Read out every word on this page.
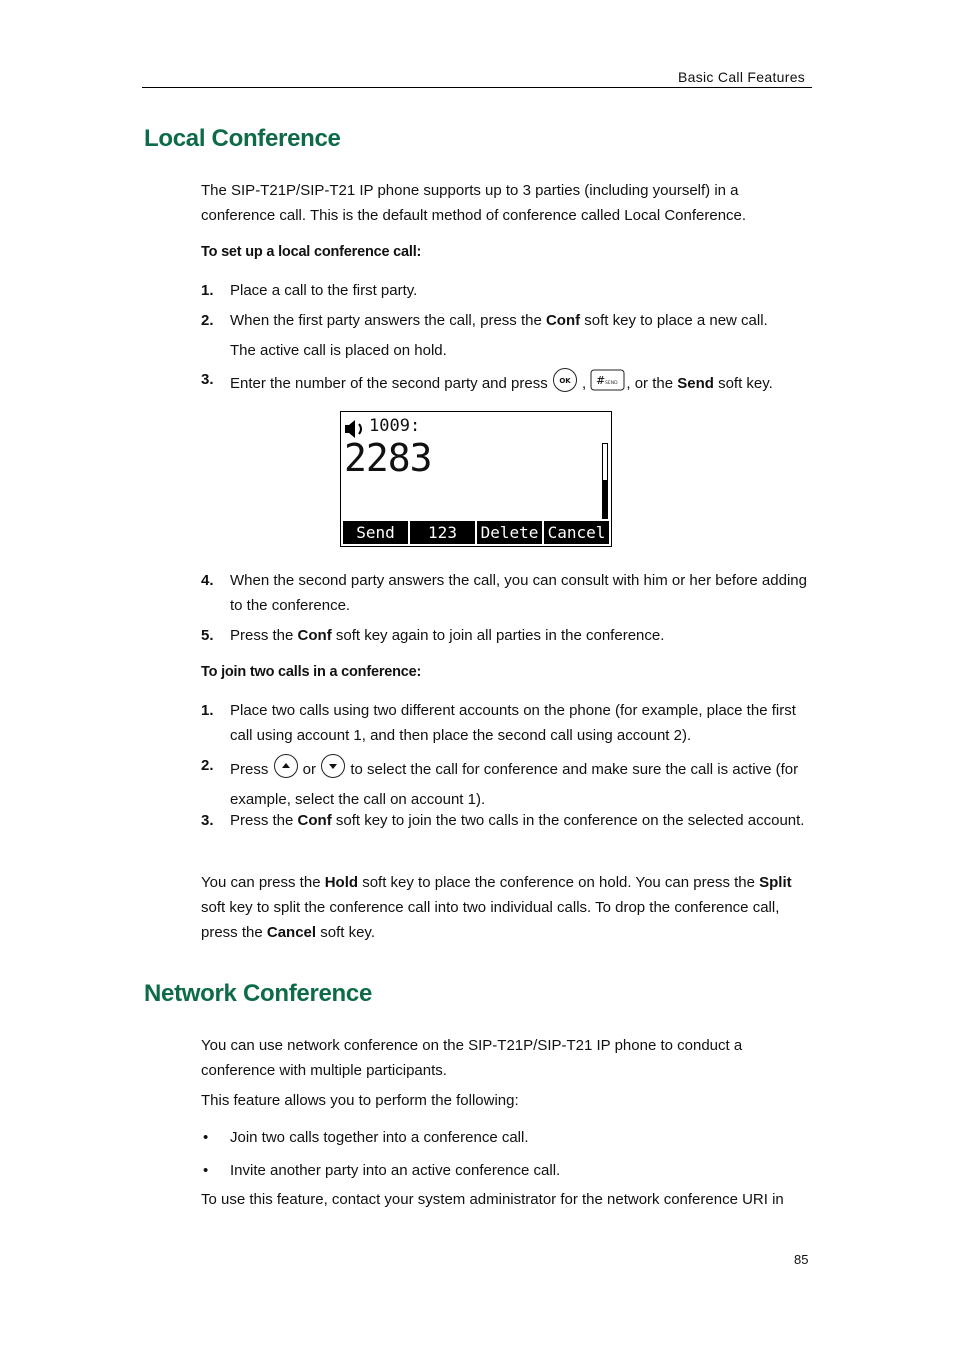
Basic Call Features
Local Conference
The SIP-T21P/SIP-T21 IP phone supports up to 3 parties (including yourself) in a conference call. This is the default method of conference called Local Conference.
To set up a local conference call:
1. Place a call to the first party.
2. When the first party answers the call, press the Conf soft key to place a new call.
The active call is placed on hold.
3. Enter the number of the second party and press OK , # SEND , or the Send soft key.
1009:
2283
Send	123	Delete Cancel
4. When the second party answers the call, you can consult with him or her before adding to the conference.
5. Press the Conf soft key again to join all parties in the conference.
To join two calls in a conference:
1. Place two calls using two different accounts on the phone (for example, place the first call using account 1, and then place the second call using account 2).
2. Press  or  to select the call for conference and make sure the call is active (for example, select the call on account 1).
3. Press the Conf soft key to join the two calls in the conference on the selected account.
You can press the Hold soft key to place the conference on hold. You can press the Split soft key to split the conference call into two individual calls. To drop the conference call, press the Cancel soft key.
Network Conference
You can use network conference on the SIP-T21P/SIP-T21 IP phone to conduct a conference with multiple participants.
This feature allows you to perform the following:
• Join two calls together into a conference call.
• Invite another party into an active conference call.
To use this feature, contact your system administrator for the network conference URI in
85
